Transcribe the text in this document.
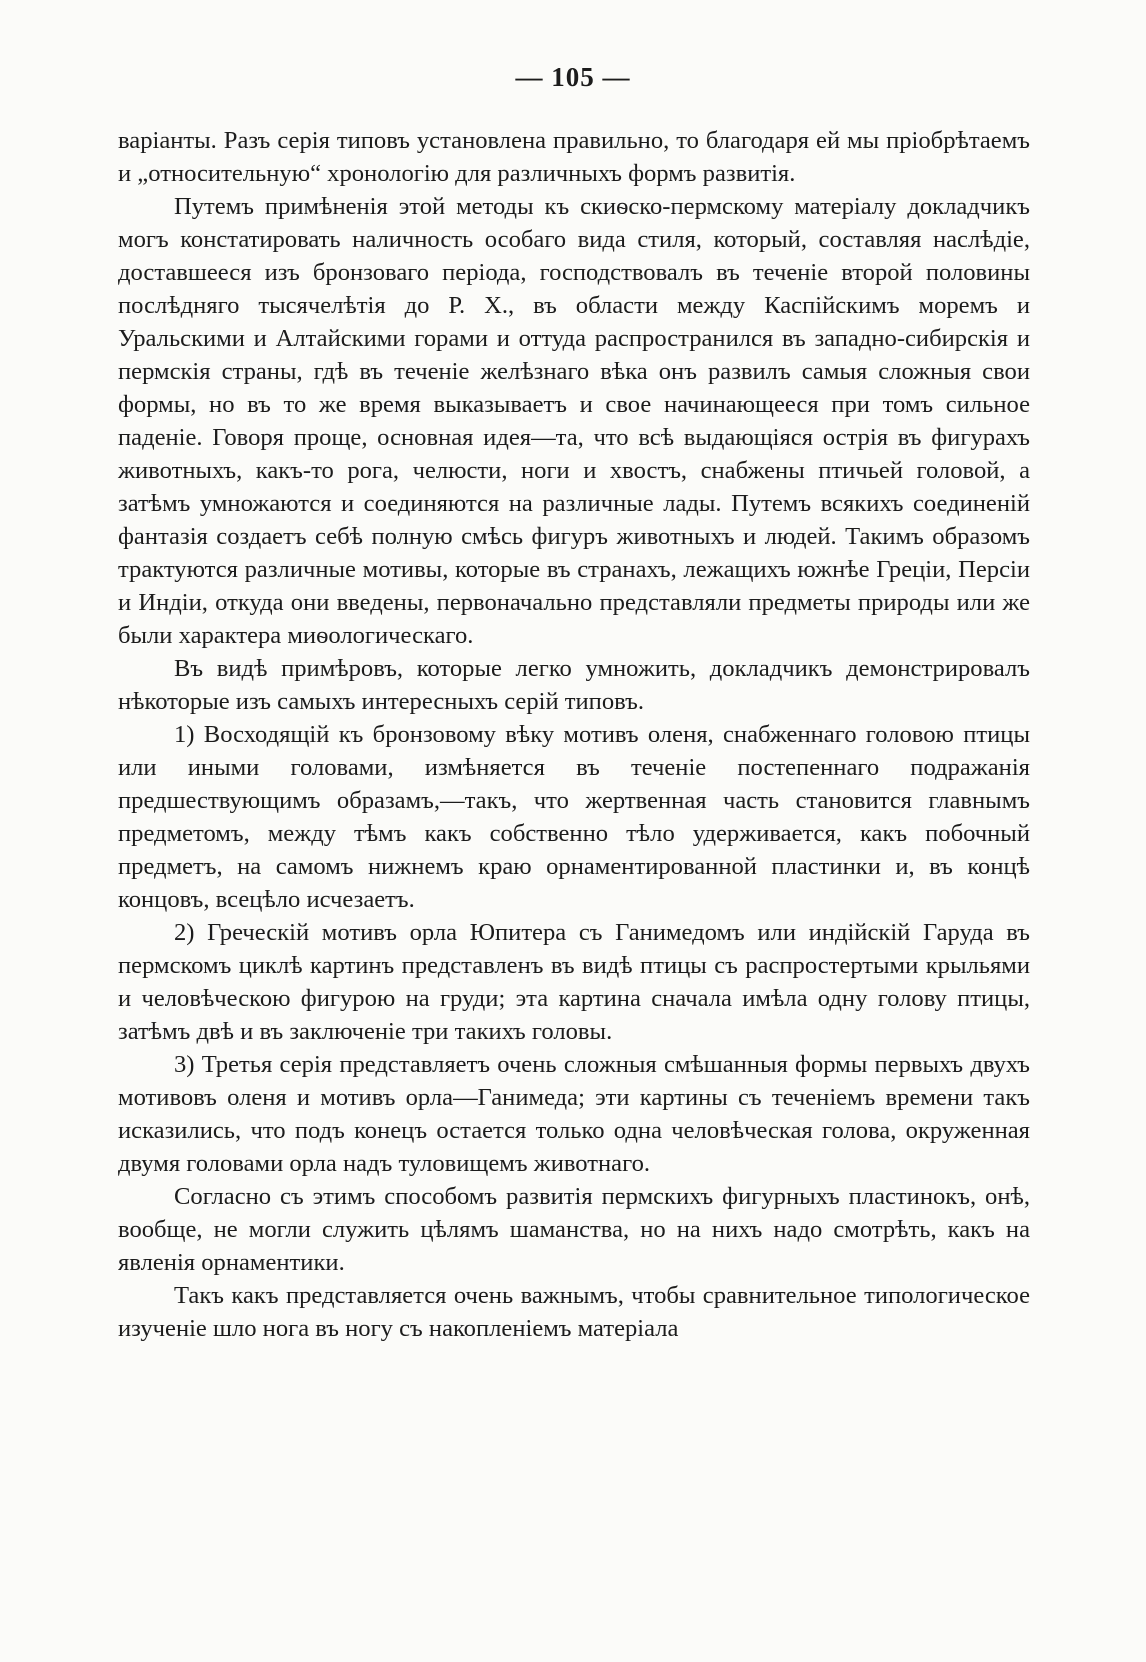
— 105 —

варіанты. Разъ серія типовъ установлена правильно, то благодаря ей мы пріобрѣтаемъ и „относительную“ хронологію для различныхъ формъ развитія.

Путемъ примѣненія этой методы къ скиѳско-пермскому матеріалу докладчикъ могъ констатировать наличность особаго вида стиля, который, составляя наслѣдіе, доставшееся изъ бронзоваго періода, господствовалъ въ теченіе второй половины послѣдняго тысячелѣтія до Р. Х., въ области между Каспійскимъ моремъ и Уральскими и Алтайскими горами и оттуда распространился въ западно-сибирскія и пермскія страны, гдѣ въ теченіе желѣзнаго вѣка онъ развилъ самыя сложныя свои формы, но въ то же время выказываетъ и свое начинающееся при томъ сильное паденіе. Говоря проще, основная идея—та, что всѣ выдающіяся острія въ фигурахъ животныхъ, какъ-то рога, челюсти, ноги и хвостъ, снабжены птичьей головой, а затѣмъ умножаются и соединяются на различные лады. Путемъ всякихъ соединеній фантазія создаетъ себѣ полную смѣсь фигуръ животныхъ и людей. Такимъ образомъ трактуются различные мотивы, которые въ странахъ, лежащихъ южнѣе Греціи, Персіи и Индіи, откуда они введены, первоначально представляли предметы природы или же были характера миѳологическаго.

Въ видѣ примѣровъ, которые легко умножить, докладчикъ демонстрировалъ нѣкоторые изъ самыхъ интересныхъ серій типовъ.

1) Восходящій къ бронзовому вѣку мотивъ оленя, снабженнаго головою птицы или иными головами, измѣняется въ теченіе постепеннаго подражанія предшествующимъ образамъ,—такъ, что жертвенная часть становится главнымъ предметомъ, между тѣмъ какъ собственно тѣло удерживается, какъ побочный предметъ, на самомъ нижнемъ краю орнаментированной пластинки и, въ концѣ концовъ, всецѣло исчезаетъ.

2) Греческій мотивъ орла Юпитера съ Ганимедомъ или индійскій Гаруда въ пермскомъ циклѣ картинъ представленъ въ видѣ птицы съ распростертыми крыльями и человѣческою фигурою на груди; эта картина сначала имѣла одну голову птицы, затѣмъ двѣ и въ заключеніе три такихъ головы.

3) Третья серія представляетъ очень сложныя смѣшанныя формы первыхъ двухъ мотивовъ оленя и мотивъ орла—Ганимеда; эти картины съ теченіемъ времени такъ исказились, что подъ конецъ остается только одна человѣческая голова, окруженная двумя головами орла надъ туловищемъ животнаго.

Согласно съ этимъ способомъ развитія пермскихъ фигурныхъ пластинокъ, онѣ, вообще, не могли служить цѣлямъ шаманства, но на нихъ надо смотрѣть, какъ на явленія орнаментики.

Такъ какъ представляется очень важнымъ, чтобы сравнительное типологическое изученіе шло нога въ ногу съ накопленіемъ матеріала
